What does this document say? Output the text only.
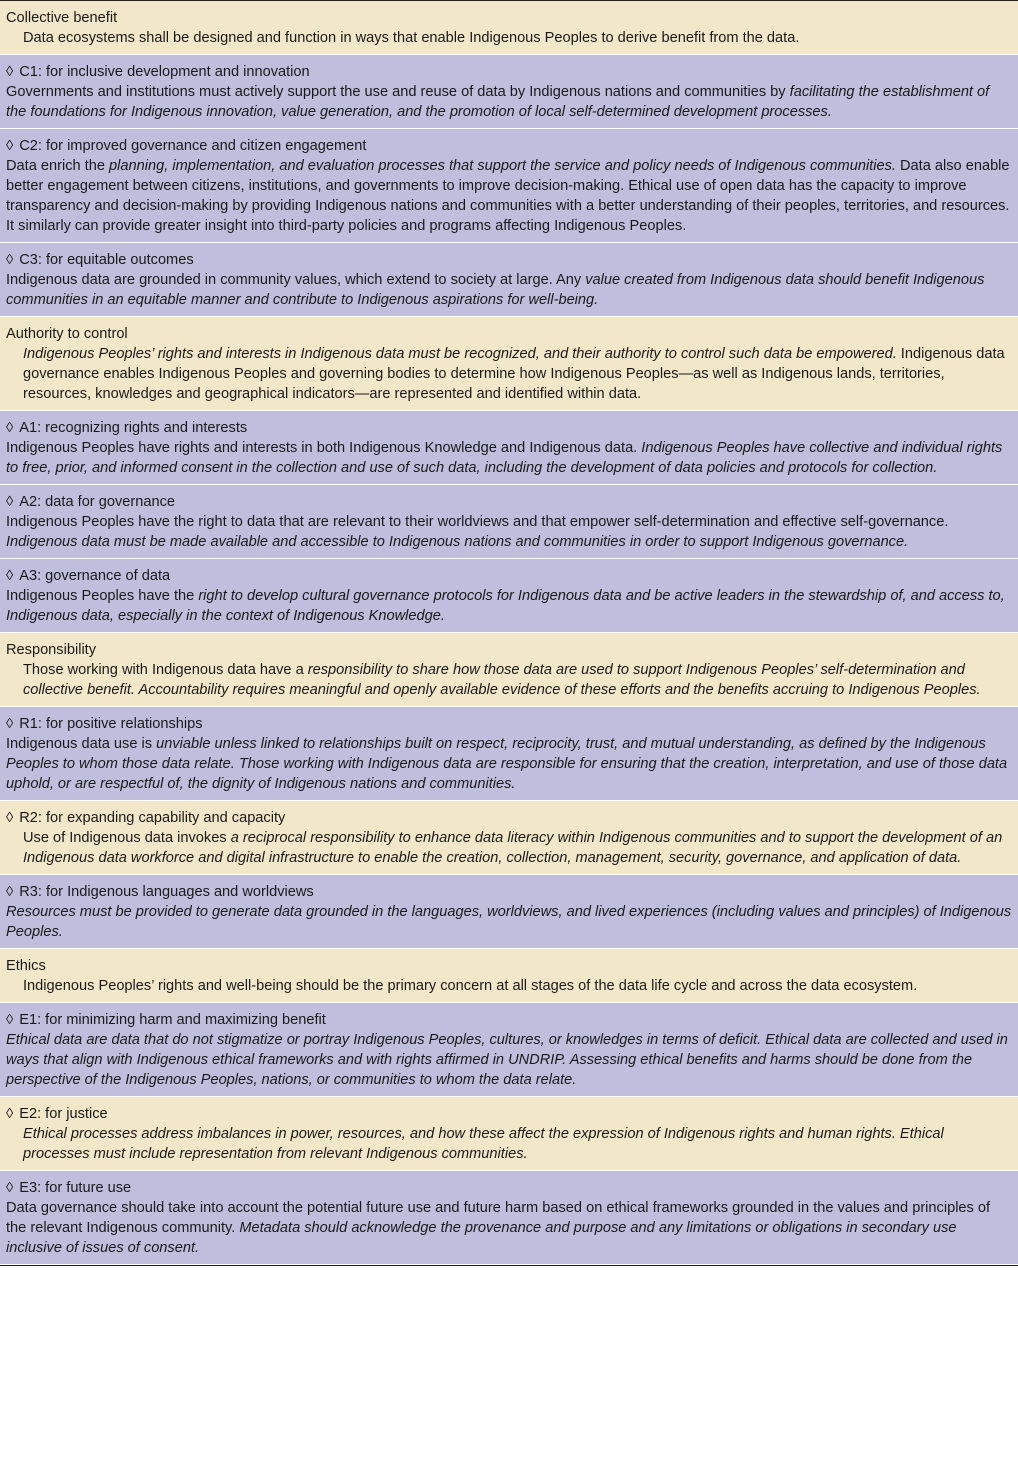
Collective benefit
Data ecosystems shall be designed and function in ways that enable Indigenous Peoples to derive benefit from the data.
◊ C1: for inclusive development and innovation
Governments and institutions must actively support the use and reuse of data by Indigenous nations and communities by facilitating the establishment of the foundations for Indigenous innovation, value generation, and the promotion of local self-determined development processes.
◊ C2: for improved governance and citizen engagement
Data enrich the planning, implementation, and evaluation processes that support the service and policy needs of Indigenous communities. Data also enable better engagement between citizens, institutions, and governments to improve decision-making. Ethical use of open data has the capacity to improve transparency and decision-making by providing Indigenous nations and communities with a better understanding of their peoples, territories, and resources. It similarly can provide greater insight into third-party policies and programs affecting Indigenous Peoples.
◊ C3: for equitable outcomes
Indigenous data are grounded in community values, which extend to society at large. Any value created from Indigenous data should benefit Indigenous communities in an equitable manner and contribute to Indigenous aspirations for well-being.
Authority to control
Indigenous Peoples’ rights and interests in Indigenous data must be recognized, and their authority to control such data be empowered. Indigenous data governance enables Indigenous Peoples and governing bodies to determine how Indigenous Peoples—as well as Indigenous lands, territories, resources, knowledges and geographical indicators—are represented and identified within data.
◊ A1: recognizing rights and interests
Indigenous Peoples have rights and interests in both Indigenous Knowledge and Indigenous data. Indigenous Peoples have collective and individual rights to free, prior, and informed consent in the collection and use of such data, including the development of data policies and protocols for collection.
◊ A2: data for governance
Indigenous Peoples have the right to data that are relevant to their worldviews and that empower self-determination and effective self-governance. Indigenous data must be made available and accessible to Indigenous nations and communities in order to support Indigenous governance.
◊ A3: governance of data
Indigenous Peoples have the right to develop cultural governance protocols for Indigenous data and be active leaders in the stewardship of, and access to, Indigenous data, especially in the context of Indigenous Knowledge.
Responsibility
Those working with Indigenous data have a responsibility to share how those data are used to support Indigenous Peoples’ self-determination and collective benefit. Accountability requires meaningful and openly available evidence of these efforts and the benefits accruing to Indigenous Peoples.
◊ R1: for positive relationships
Indigenous data use is unviable unless linked to relationships built on respect, reciprocity, trust, and mutual understanding, as defined by the Indigenous Peoples to whom those data relate. Those working with Indigenous data are responsible for ensuring that the creation, interpretation, and use of those data uphold, or are respectful of, the dignity of Indigenous nations and communities.
◊ R2: for expanding capability and capacity
Use of Indigenous data invokes a reciprocal responsibility to enhance data literacy within Indigenous communities and to support the development of an Indigenous data workforce and digital infrastructure to enable the creation, collection, management, security, governance, and application of data.
◊ R3: for Indigenous languages and worldviews
Resources must be provided to generate data grounded in the languages, worldviews, and lived experiences (including values and principles) of Indigenous Peoples.
Ethics
Indigenous Peoples’ rights and well-being should be the primary concern at all stages of the data life cycle and across the data ecosystem.
◊ E1: for minimizing harm and maximizing benefit
Ethical data are data that do not stigmatize or portray Indigenous Peoples, cultures, or knowledges in terms of deficit. Ethical data are collected and used in ways that align with Indigenous ethical frameworks and with rights affirmed in UNDRIP. Assessing ethical benefits and harms should be done from the perspective of the Indigenous Peoples, nations, or communities to whom the data relate.
◊ E2: for justice
Ethical processes address imbalances in power, resources, and how these affect the expression of Indigenous rights and human rights. Ethical processes must include representation from relevant Indigenous communities.
◊ E3: for future use
Data governance should take into account the potential future use and future harm based on ethical frameworks grounded in the values and principles of the relevant Indigenous community. Metadata should acknowledge the provenance and purpose and any limitations or obligations in secondary use inclusive of issues of consent.
